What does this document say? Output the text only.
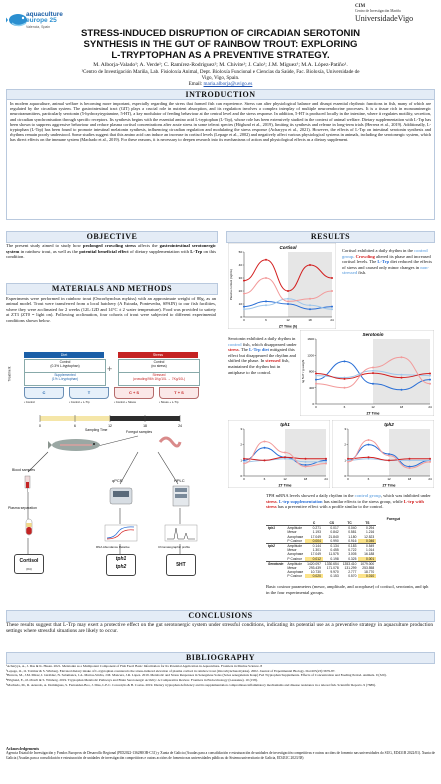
aquaculture
europe 25
Valencia, Spain
CIM
Centro de Investigación Mariña
UniversidadeVigo
STRESS-INDUCED DISRUPTION OF CIRCADIAN SEROTONIN
SYNTHESIS IN THE GUT OF RAINBOW TROUT: EXPLORING
L-TRYPTOPHAN AS A PREVENTIVE STRATEGY.
M. Alborja-Valado¹; A. Verde¹; C. Ramírez-Rodriguez²; M. Chivite¹; J. Calo¹; J.M. Míguez¹; M.A. López-Patiño¹.
¹Centro de Investigación Mariña, Lab. Fisioloxía Animal, Dept. Bioloxía Funcional e Ciencias da Saúde, Fac. Bioloxía, Universidade de
Vigo, Vigo, Spain.
Email: maria.alborja@uvigo.es
INTRODUCTION
In modern aquaculture, animal welfare is becoming more important, especially regarding the stress that farmed fish can experience. Stress can alter physiological balance and disrupt essential rhythmic functions in fish, many of which are regulated by the circadian system. The gastrointestinal tract (GIT) plays a crucial role in nutrient absorption, and its regulation involves a complex interplay of multiple neuroendocrine processes. It is a tissue rich in monoaminergic neurotransmitters, particularly serotonin (5-hydroxytryptamine, 5-HT), a key modulator of feeding behaviour at the central level and the stress response. In addition, 5-HT is produced locally in the intestine, where it regulates motility, secretion, and circadian synchronisation through specific receptors. Its synthesis begins with the essential amino acid L-tryptophan (L-Trp), whose role has been extensively studied in the context of animal welfare. Dietary supplementation with L-Trp has been shown to suppress aggressive behaviour and reduce plasma cortisol concentrations after acute stress in some teleost species (Höglund et al., 2019), limiting its synthesis and release in long-term trials (Herrera et al., 2019). Additionally, L-tryptophan (L-Trp) has been found to promote intestinal melatonin synthesis, influencing circadian regulation and modulating the stress response (Acharyya et al., 2021). However, the effects of L-Trp on intestinal serotonin synthesis and rhythms remain poorly understood. Some studies suggest that this amino acid can induce an increase in cortisol levels (Lepage et al., 2002) and negatively affect various physiological systems in animals, including the serotonergic system, which has direct effects on the immune system (Machado et al., 2019). For these reasons, it is necessary to deepen research into its mechanisms of action and physiological effects as a dietary supplement.
OBJECTIVE
The present study aimed to study how prolonged crowding stress affects the gastrointestinal serotonergic system in rainbow trout, as well as the potential beneficial effect of dietary supplementation with L-Trp on this condition.
MATERIALS AND METHODS
Experiments were performed in rainbow trout (Oncorhynchus mykiss) with an approximate weight of 80g, as an animal model. Trout were transferred from a local hatchery (A Estrada, Pontevedra, SPAIN) to our fish facilities, where they were acclimated for 2 weeks (12L:12D and 14°C ± 2 water temperature). Food was provided to satiety at ZT3 (ZT0 = light on). Following acclimation, four cohorts of trout were subjected to different experimental conditions shown below.
Treatment
Diet	Stress
Control
(0.3% L-tryptophan)
Supplemented
(1% L-tryptophan)
+
Control
(no stress)
Stressed
(crowding/96h 1Kg/10L → 7Kg/10L)
C	T	C + S	T + S
• Control	• Control + L-Trp	• Control + Stress	• Stress + L-Trp
0	6	12	18	24
Sampling Time	Foregut samples
Blood samples
Plasma separation
qPCR	HPLC
RNA Abundance Relative	Chromatographic profile
tph1
tph2	5HT
Cortisol
(Kit)
RESULTS
0
10
20
30
40
50
0	6	12	18	24
Cortisol
ZT Time (h)
Plasma cortisol (ng/mL)
Cortisol exhibited a daily rhythm in the control group. Crowding altered its phase and increased cortisol levels. The L-Trp diet reduced the effects of stress and caused only minor changes in non-stressed fish.
0
400
800
1200
1600
0	6	12	18	24
Serotonin
ZT Time
ng 5HT / g weight
Serotonin exhibited a daily rhythm in control fish, which disappeared under stress. The L-Trp diet mitigated this effect but disappeared the rhythm and shifted the phase. In stressed fish, maintained the rhythm but in antiphase to the control.
0
1
2
3
0	6	12	18	24
tph1
ZT Time
0
1
2
3
0	6	12	18	24
tph2
ZT Time
TPH mRNA levels showed a daily rhythm in the control group, which was inhibited under stress. L-trp supplementation has similar effects to the stress group, while L-trp with stress has a preventive effect with a profile similar to the control.
Foregut
		C	CS	TC	TS
tph1	Amplitude	0.271	0.017	0.040	0.294
	Mesor	1.193	0.842	0.581	1.216
	Acrophase	17.049	21.840	1.180	12.523
	P Cosinor	0.004	0.990	0.916	0.046
tph2	Amplitude	0.144	0.134	0.183	0.549
	Mesor	1.301	0.455	0.722	1.014
	Acrophase	17.049	11.575	3.005	16.188
	P Cosinor	0.012	0.198	0.325	0.001
Serotonin	Amplitude	1420.097	1330.654	1353.410	1079.000
	Mesor	293.439	171.078	131.299	253.558
	Acrophase	10.730	9.970	2.777	18.770
	P Cosinor	0.020	0.153	0.570	0.010
Basic cosinor parameters (mesor, amplitude, and acrophase) of cortisol, serotonin, and tph in the four experimental groups.
CONCLUSIONS
These results suggest that L-Trp may exert a protective effect on the gut serotonergic system under stressful conditions, indicating its potential use as a preventive strategy in aquaculture production settings where stressful situations are likely to occur.
BIBLIOGRAPHY
¹Acharyya, A., J. Das & K. Hasan. 2021. Melatonin as a Multipotent Component of Fish Feed: Basic Information for Its Potential Application in Aquaculture. Frontiers in Marine Science. 8
²Lepage, O., O. Tottmar & S. Winberg. Elevated dietary intake of L-tryptophan counteracts the stress-induced elevation of plasma cortisol in rainbow trout (Oncorhynchus mykiss). 2002. Journal of Experimental Biology. Doi:205(23):3679-87.
³Herrera, M., J.M. Mírez, I. Giráldez, N. Salamanca, J.A. Martos-Sitcha, J.M. Mancera, J.R. López. 2019. Metabolic and Stress Responses in Senegalese Soles (Solea senegalensis Kaup) Fed Tryptophan Supplements. Effects of Concentration and Feeding Period. Animals. 9 (320).
⁴Höglund, E., Ø. Øverli & S. Winberg. 2019. Tryptophan Metabolic Pathways and Brain Serotonergic Activity: A Comparative Review. Frontiers in Endocrinology (Lausanne). 10 (158).
⁵Machado, M., R. Azeredo, A. Domingues, S. Fernandez-Boo, J. Dias, L.E.C. Conceição & B. Costas. 2019. Dietary tryptophan deficiency and its supplementation compromises inflammatory mechanisms and disease resistance in a teleost fish. Scientific Reports. 9 (7689).
Acknowledgements
Agencia Estatal de Investigación y Fondos Europeos de Desarrollo Regional (PID2022-136280OB-C31) y Xunta de Galicia (Axudas para a consolidación e estruturación de unidades de investigación competitivas e outras accións de fomento nas universidades do SUG, ED431B 2022/01). Xunta de Galicia (Axudas para a consolidación e estruturación de unidades de investigación competitivas e outras accións de fomento nas universidades públicas do Sistema universitario de Galicia, ED431C 2023/38)
